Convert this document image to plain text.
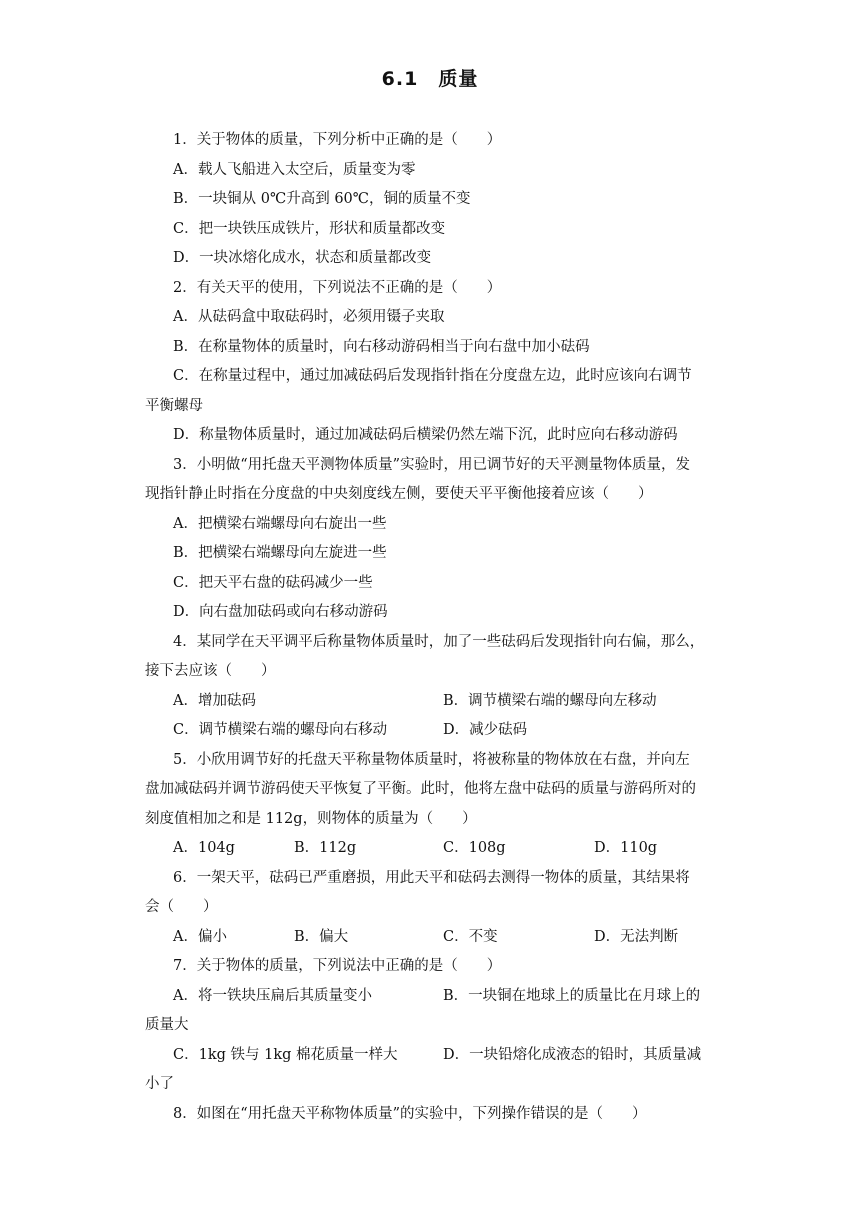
6.1　质量
1．关于物体的质量，下列分析中正确的是（　　）
A．载人飞船进入太空后，质量变为零
B．一块铜从 0℃升高到 60℃，铜的质量不变
C．把一块铁压成铁片，形状和质量都改变
D．一块冰熔化成水，状态和质量都改变
2．有关天平的使用，下列说法不正确的是（　　）
A．从砝码盒中取砝码时，必须用镊子夹取
B．在称量物体的质量时，向右移动游码相当于向右盘中加小砝码
C．在称量过程中，通过加减砝码后发现指针指在分度盘左边，此时应该向右调节
平衡螺母
D．称量物体质量时，通过加减砝码后横梁仍然左端下沉，此时应向右移动游码
3．小明做“用托盘天平测物体质量”实验时，用已调节好的天平测量物体质量，发
现指针静止时指在分度盘的中央刻度线左侧，要使天平平衡他接着应该（　　）
A．把横梁右端螺母向右旋出一些
B．把横梁右端螺母向左旋进一些
C．把天平右盘的砝码减少一些
D．向右盘加砝码或向右移动游码
4．某同学在天平调平后称量物体质量时，加了一些砝码后发现指针向右偏，那么，
接下去应该（　　）
A．增加砝码	B．调节横梁右端的螺母向左移动
C．调节横梁右端的螺母向右移动	D．减少砝码
5．小欣用调节好的托盘天平称量物体质量时，将被称量的物体放在右盘，并向左
盘加减砝码并调节游码使天平恢复了平衡。此时，他将左盘中砝码的质量与游码所对的
刻度值相加之和是 112g，则物体的质量为（　　）
A．104g	B．112g	C．108g	D．110g
6．一架天平，砝码已严重磨损，用此天平和砝码去测得一物体的质量，其结果将
会（　　）
A．偏小	B．偏大	C．不变	D．无法判断
7．关于物体的质量，下列说法中正确的是（　　）
A．将一铁块压扁后其质量变小	B．一块铜在地球上的质量比在月球上的
质量大
C．1kg 铁与 1kg 棉花质量一样大	D．一块铅熔化成液态的铅时，其质量减
小了
8．如图在“用托盘天平称物体质量”的实验中，下列操作错误的是（　　）
